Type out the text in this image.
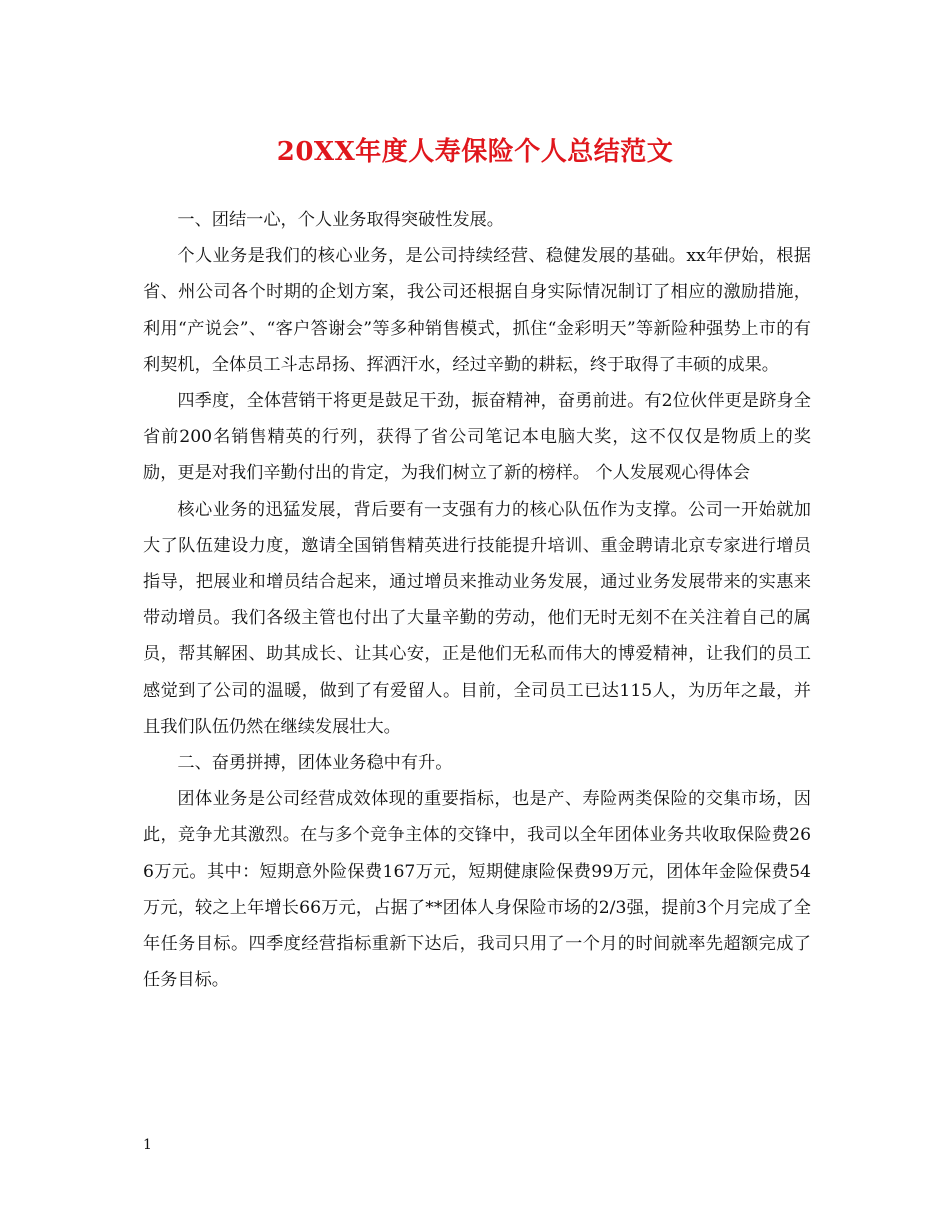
20XX年度人寿保险个人总结范文

一、团结一心，个人业务取得突破性发展。

个人业务是我们的核心业务，是公司持续经营、稳健发展的基础。xx年伊始，根据省、州公司各个时期的企划方案，我公司还根据自身实际情况制订了相应的激励措施，利用“产说会”、“客户答谢会”等多种销售模式，抓住“金彩明天”等新险种强势上市的有利契机，全体员工斗志昂扬、挥洒汗水，经过辛勤的耕耘，终于取得了丰硕的成果。

四季度，全体营销干将更是鼓足干劲，振奋精神，奋勇前进。有2位伙伴更是跻身全省前200名销售精英的行列，获得了省公司笔记本电脑大奖，这不仅仅是物质上的奖励，更是对我们辛勤付出的肯定，为我们树立了新的榜样。 个人发展观心得体会

核心业务的迅猛发展，背后要有一支强有力的核心队伍作为支撑。公司一开始就加大了队伍建设力度，邀请全国销售精英进行技能提升培训、重金聘请北京专家进行增员指导，把展业和增员结合起来，通过增员来推动业务发展，通过业务发展带来的实惠来带动增员。我们各级主管也付出了大量辛勤的劳动，他们无时无刻不在关注着自己的属员，帮其解困、助其成长、让其心安，正是他们无私而伟大的博爱精神，让我们的员工感觉到了公司的温暖，做到了有爱留人。目前，全司员工已达115人，为历年之最，并且我们队伍仍然在继续发展壮大。

二、奋勇拼搏，团体业务稳中有升。

团体业务是公司经营成效体现的重要指标，也是产、寿险两类保险的交集市场，因此，竞争尤其激烈。在与多个竞争主体的交锋中，我司以全年团体业务共收取保险费266万元。其中：短期意外险保费167万元，短期健康险保费99万元，团体年金险保费54万元，较之上年增长66万元，占据了**团体人身保险市场的2/3强，提前3个月完成了全年任务目标。四季度经营指标重新下达后，我司只用了一个月的时间就率先超额完成了任务目标。

1
